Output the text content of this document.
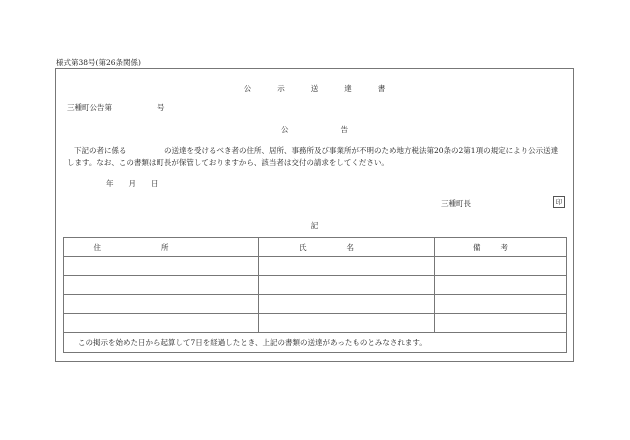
様式第38号(第26条関係)
公示送達書
三種町公告第　　　　　　号
公告
下記の者に係る　　　　　の送達を受けるべき者の住所、居所、事務所及び事業所が不明のため地方税法第20条の2第1項の規定により公示送達します。なお、この書類は町長が保管しておりますから、該当者は交付の請求をしてください。
年　　月　　日
三種町長	印
記
住所	氏名	備考

この掲示を始めた日から起算して7日を経過したとき、上記の書類の送達があったものとみなされます。		
